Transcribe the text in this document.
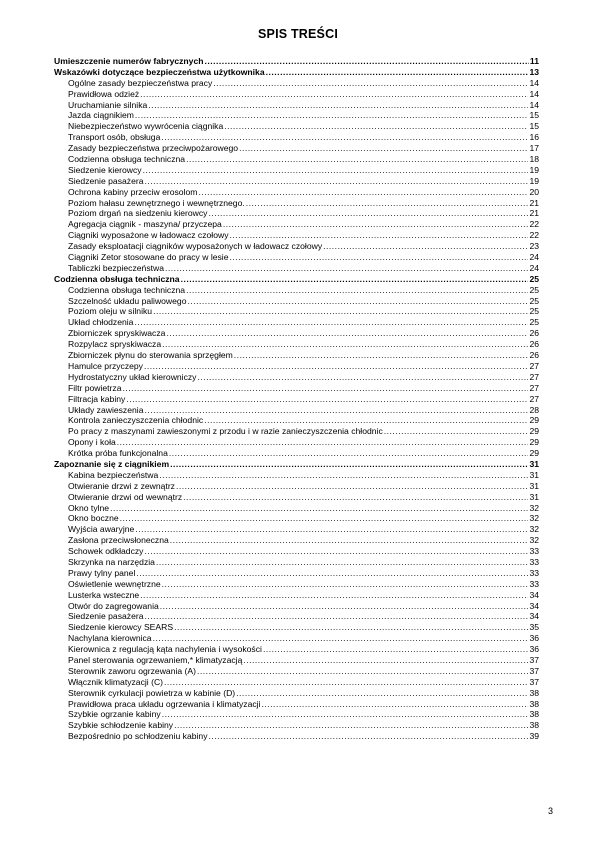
SPIS TREŚCI
Umieszczenie numerów fabrycznych .....	11
Wskazówki dotyczące bezpieczeństwa użytkownika .....	13
Ogólne zasady bezpieczeństwa pracy .....	14
Prawidłowa odzież .....	14
Uruchamianie silnika .....	14
Jazda ciągnikiem .....	15
Niebezpieczeństwo wywrócenia ciągnika .....	15
Transport osób, obsługa .....	16
Zasady bezpieczeństwa przeciwpożarowego .....	17
Codzienna obsługa techniczna .....	18
Siedzenie kierowcy .....	19
Siedzenie pasażera .....	19
Ochrona kabiny przeciw erosolom .....	20
Poziom hałasu zewnętrznego i wewnętrznego. .....	21
Poziom drgań na siedzeniu kierowcy .....	21
Agregacja ciągnik - maszyna/ przyczepa .....	22
Ciągniki wyposażone w ładowacz czołowy .....	22
Zasady eksploatacji ciągników wyposażonych w ładowacz czołowy .....	23
Ciągniki Zetor stosowane do pracy w lesie .....	24
Tabliczki bezpieczeństwa .....	24
Codzienna obsługa techniczna .....	25
Codzienna obsługa techniczna .....	25
Szczelność układu paliwowego .....	25
Poziom oleju w silniku .....	25
Układ chłodzenia .....	25
Zbiorniczek spryskiwacza .....	26
Rozpylacz spryskiwacza .....	26
Zbiorniczek płynu do sterowania sprzęgłem .....	26
Hamulce przyczepy .....	27
Hydrostatyczny układ kierowniczy .....	27
Filtr powietrza .....	27
Filtracja kabiny .....	27
Układy zawieszenia .....	28
Kontrola zanieczyszczenia chłodnic .....	29
Po pracy z maszynami zawieszonymi z przodu i w razie zanieczyszczenia chłodnic .....	29
Opony i koła .....	29
Krótka próba funkcjonalna .....	29
Zapoznanie się z ciągnikiem .....	31
Kabina bezpieczeństwa .....	31
Otwieranie drzwi z zewnątrz .....	31
Otwieranie drzwi od wewnątrz .....	31
Okno tylne .....	32
Okno boczne .....	32
Wyjścia awaryjne .....	32
Zasłona przeciwsłoneczna .....	32
Schowek odkładczy .....	33
Skrzynka na narzędzia .....	33
Prawy tylny panel .....	33
Oświetlenie wewnętrzne .....	33
Lusterka wsteczne .....	34
Otwór do zagregowania .....	34
Siedzenie pasażera .....	34
Siedzenie kierowcy SEARS .....	35
Nachylana kierownica .....	36
Kierownica z regulacją kąta nachylenia i wysokości .....	36
Panel sterowania ogrzewaniem,* klimatyzacją .....	37
Sterownik zaworu ogrzewania (A) .....	37
Włącznik klimatyzacji (C) .....	37
Sterownik cyrkulacji powietrza w kabinie (D) .....	38
Prawidłowa praca układu ogrzewania i klimatyzacji .....	38
Szybkie ogrzanie kabiny .....	38
Szybkie schłodzenie kabiny .....	38
Bezpośrednio po schłodzeniu kabiny .....	39
3
